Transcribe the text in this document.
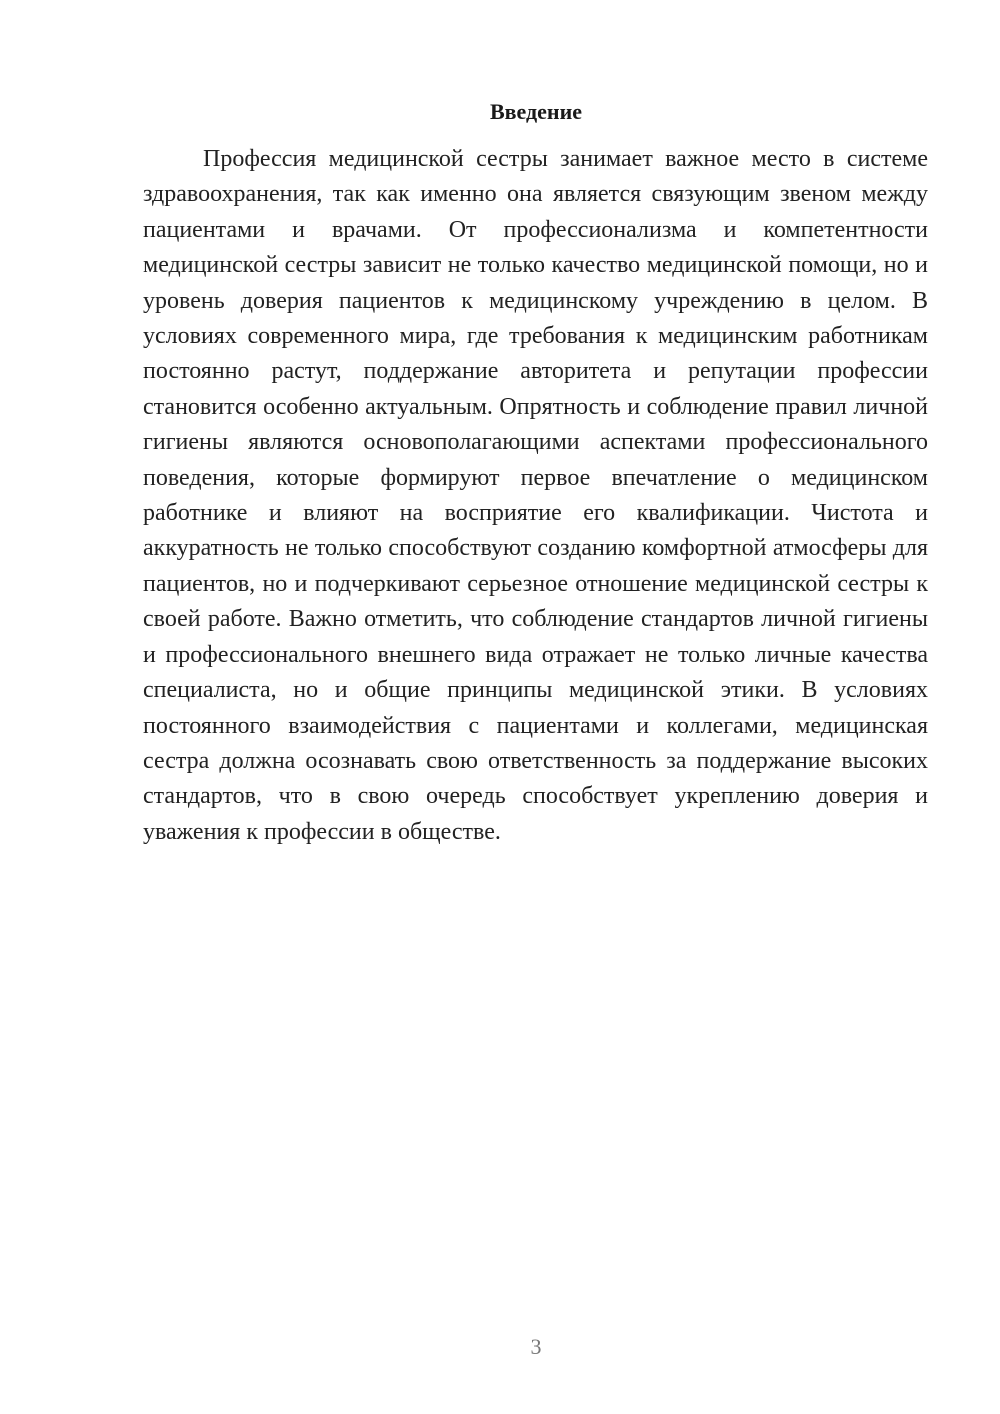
Введение

Профессия медицинской сестры занимает важное место в системе здравоохранения, так как именно она является связующим звеном между пациентами и врачами. От профессионализма и компетентности медицинской сестры зависит не только качество медицинской помощи, но и уровень доверия пациентов к медицинскому учреждению в целом. В условиях современного мира, где требования к медицинским работникам постоянно растут, поддержание авторитета и репутации профессии становится особенно актуальным. Опрятность и соблюдение правил личной гигиены являются основополагающими аспектами профессионального поведения, которые формируют первое впечатление о медицинском работнике и влияют на восприятие его квалификации. Чистота и аккуратность не только способствуют созданию комфортной атмосферы для пациентов, но и подчеркивают серьезное отношение медицинской сестры к своей работе. Важно отметить, что соблюдение стандартов личной гигиены и профессионального внешнего вида отражает не только личные качества специалиста, но и общие принципы медицинской этики. В условиях постоянного взаимодействия с пациентами и коллегами, медицинская сестра должна осознавать свою ответственность за поддержание высоких стандартов, что в свою очередь способствует укреплению доверия и уважения к профессии в обществе.

3
